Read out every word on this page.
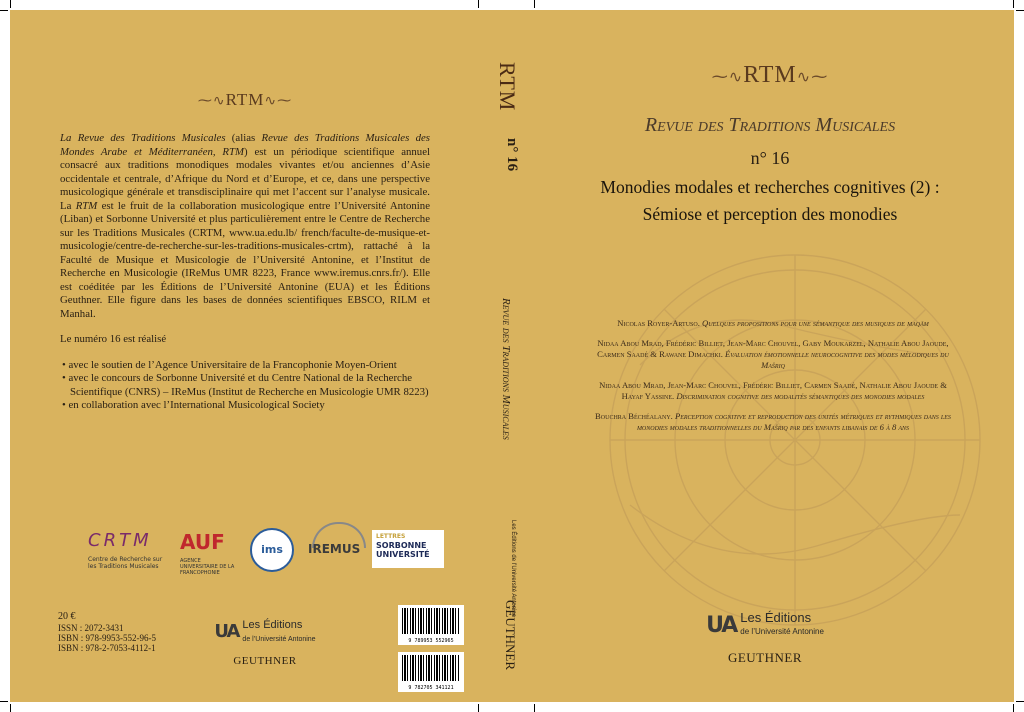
⁓∿RTM∿⁓

La Revue des Traditions Musicales (alias Revue des Traditions Musicales des Mondes Arabe et Méditerranéen, RTM) est un périodique scientifique annuel consacré aux traditions monodiques modales vivantes et/ou anciennes d’Asie occidentale et centrale, d’Afrique du Nord et d’Europe, et ce, dans une perspective musicologique générale et transdisciplinaire qui met l’accent sur l’analyse musicale. La RTM est le fruit de la collaboration musicologique entre l’Université Antonine (Liban) et Sorbonne Université et plus particulièrement entre le Centre de Recherche sur les Traditions Musicales (CRTM, www.ua.edu.lb/ french/faculte-de-musique-et-musicologie/centre-de-recherche-sur-les-traditions-musicales-crtm), rattaché à la Faculté de Musique et Musicologie de l’Université Antonine, et l’Institut de Recherche en Musicologie (IReMus UMR 8223, France www.iremus.cnrs.fr/). Elle est coéditée par les Éditions de l’Université Antonine (EUA) et les Éditions Geuthner. Elle figure dans les bases de données scientifiques EBSCO, RILM et Manhal.

Le numéro 16 est réalisé

• avec le soutien de l’Agence Universitaire de la Francophonie Moyen-Orient
• avec le concours de Sorbonne Université et du Centre National de la Recherche Scientifique (CNRS) – IReMus (Institut de Recherche en Musicologie UMR 8223)
• en collaboration avec l’International Musicological Society
CRTM
Centre de Recherche sur les Traditions Musicales
AUF
AGENCE UNIVERSITAIRE DE LA FRANCOPHONIE
ims	IREMUS
LETTRES
SORBONNE UNIVERSITÉ
20 €
ISSN : 2072-3431
ISBN : 978-9953-552-96-5
ISBN : 978-2-7053-4112-1
UA Les Éditions
de l’Université Antonine
GEUTHNER
9 789953 552965
9 782705 341121
RTM
n° 16
Revue des Traditions Musicales
Les Éditions de l’Université Antonine
GEUTHNER
⁓∿RTM∿⁓
Revue des Traditions Musicales
n° 16
Monodies modales et recherches cognitives (2) :
Sémiose et perception des monodies
Nicolas Royer-Artuso. Quelques propositions pour une sémantique des musiques de maqām
Nidaa Abou Mrad, Frédéric Billiet, Jean-Marc Chouvel, Gaby Moukarzel, Nathalie Abou Jaoude, Carmen Saadé & Rawane Dimachki. Évaluation émotionnelle neurocognitive des modes mélodiques du Mašriq
Nidaa Abou Mrad, Jean-Marc Chouvel, Frédéric Billiet, Carmen Saadé, Nathalie Abou Jaoude & Hayaf Yassine. Discrimination cognitive des modalités sémantiques des monodies modales
Bouchra Béchéalany. Perception cognitive et reproduction des unités métriques et rythmiques dans les monodies modales traditionnelles du Mašriq par des enfants libanais de 6 à 8 ans
UA Les Éditions
de l’Université Antonine
GEUTHNER
